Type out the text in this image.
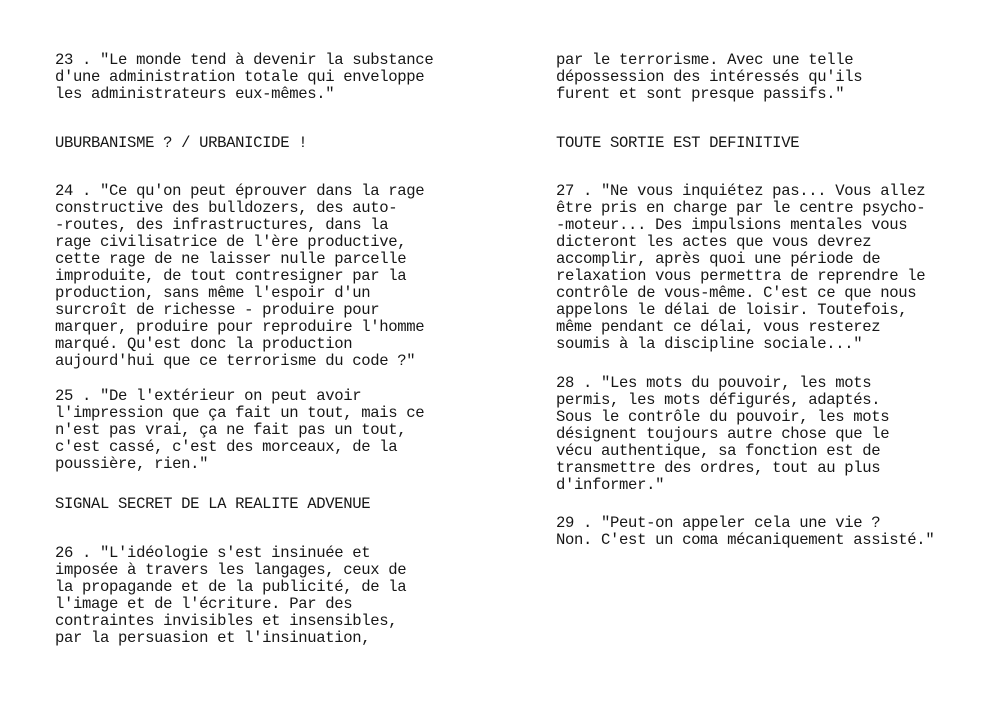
23 . "Le monde tend à devenir la substance
d'une administration totale qui enveloppe
les administrateurs eux-mêmes."
UBURBANISME ? / URBANICIDE !
24 . "Ce qu'on peut éprouver dans la rage
constructive des bulldozers, des auto-
-routes, des infrastructures, dans la
rage civilisatrice de l'ère productive,
cette rage de ne laisser nulle parcelle
improduite, de tout contresigner par la
production, sans même l'espoir d'un
surcroît de richesse - produire pour
marquer, produire pour reproduire l'homme
marqué. Qu'est donc la production
aujourd'hui que ce terrorisme du code ?"
25 . "De l'extérieur on peut avoir
l'impression que ça fait un tout, mais ce
n'est pas vrai, ça ne fait pas un tout,
c'est cassé, c'est des morceaux, de la
poussière, rien."
SIGNAL SECRET DE LA REALITE ADVENUE
26 . "L'idéologie s'est insinuée et
imposée à travers les langages, ceux de
la propagande et de la publicité, de la
l'image et de l'écriture. Par des
contraintes invisibles et insensibles,
par la persuasion et l'insinuation,
par le terrorisme. Avec une telle
dépossession des intéressés qu'ils
furent et sont presque passifs."
TOUTE SORTIE EST DEFINITIVE
27 . "Ne vous inquiétez pas... Vous allez
être pris en charge par le centre psycho-
-moteur... Des impulsions mentales vous
dicteront les actes que vous devrez
accomplir, après quoi une période de
relaxation vous permettra de reprendre le
contrôle de vous-même. C'est ce que nous
appelons le délai de loisir. Toutefois,
même pendant ce délai, vous resterez
soumis à la discipline sociale..."
28 . "Les mots du pouvoir, les mots
permis, les mots défigurés, adaptés.
Sous le contrôle du pouvoir, les mots
désignent toujours autre chose que le
vécu authentique, sa fonction est de
transmettre des ordres, tout au plus
d'informer."
29 . "Peut-on appeler cela une vie ?
Non. C'est un coma mécaniquement assisté."
